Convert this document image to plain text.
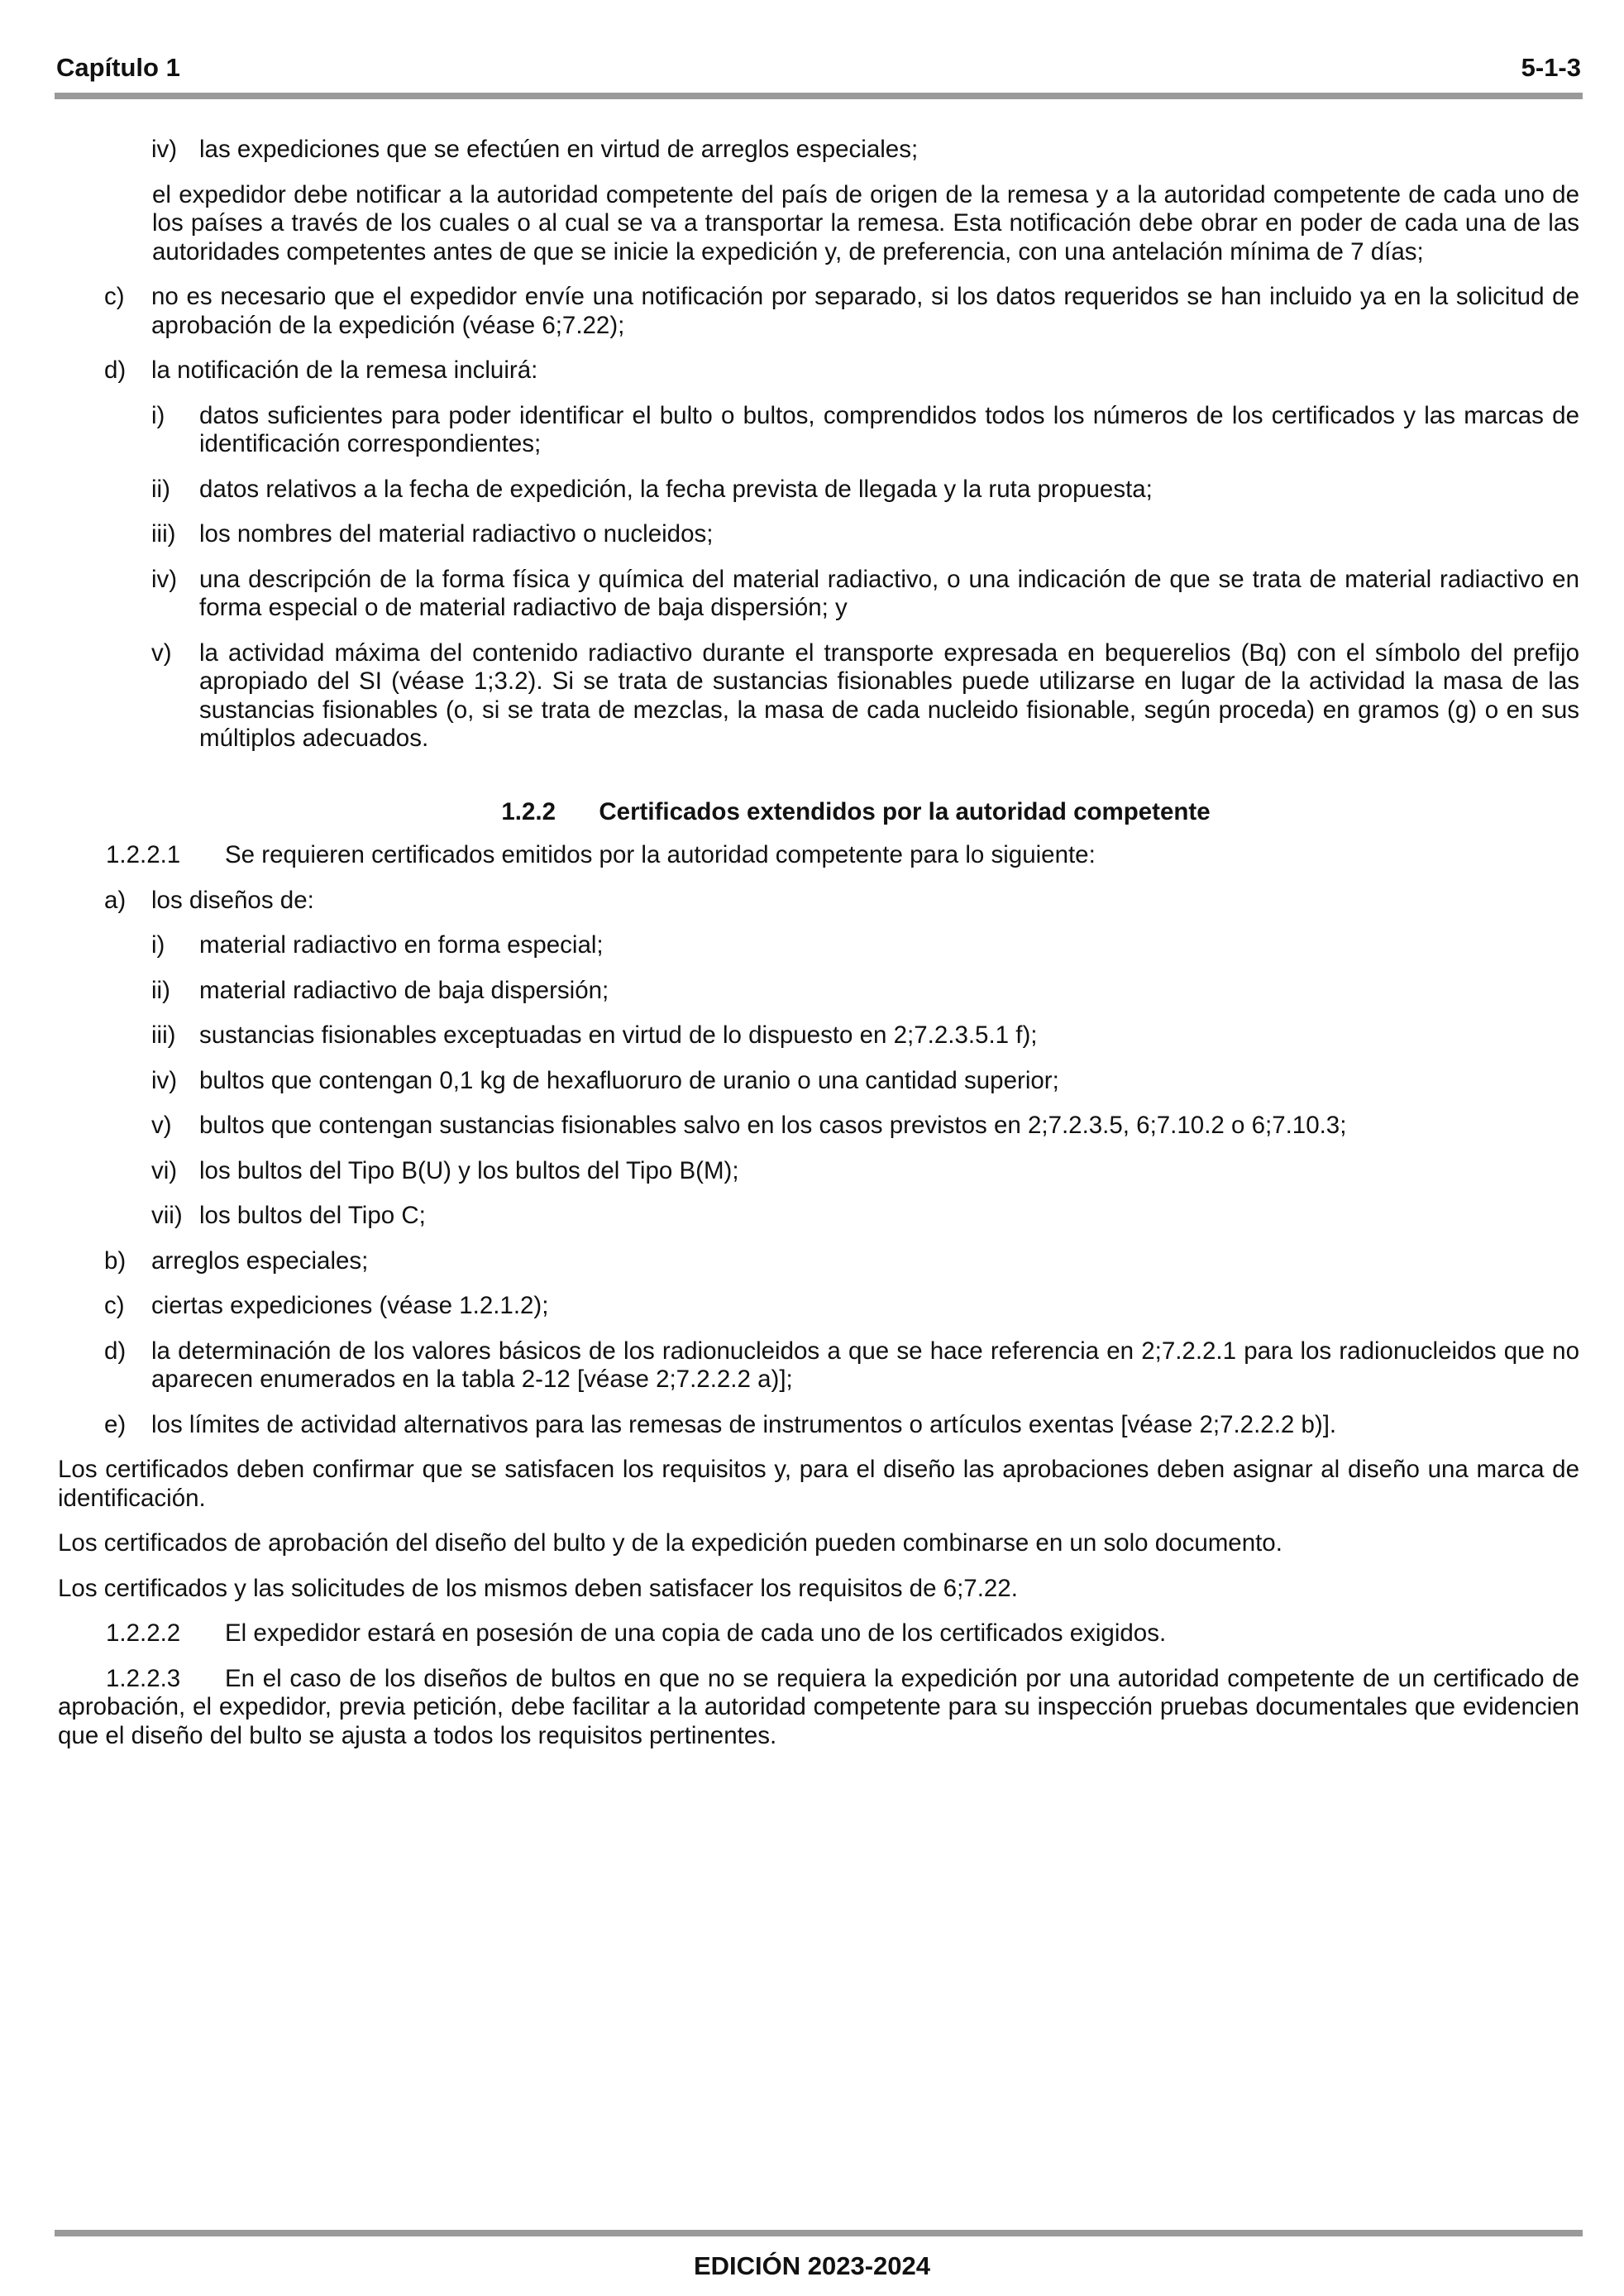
Capítulo 1	5-1-3
iv) las expediciones que se efectúen en virtud de arreglos especiales;
el expedidor debe notificar a la autoridad competente del país de origen de la remesa y a la autoridad competente de cada uno de los países a través de los cuales o al cual se va a transportar la remesa. Esta notificación debe obrar en poder de cada una de las autoridades competentes antes de que se inicie la expedición y, de preferencia, con una antelación mínima de 7 días;
c)	no es necesario que el expedidor envíe una notificación por separado, si los datos requeridos se han incluido ya en la solicitud de aprobación de la expedición (véase 6;7.22);
d)	la notificación de la remesa incluirá:
i)	datos suficientes para poder identificar el bulto o bultos, comprendidos todos los números de los certificados y las marcas de identificación correspondientes;
ii)	datos relativos a la fecha de expedición, la fecha prevista de llegada y la ruta propuesta;
iii) los nombres del material radiactivo o nucleidos;
iv) una descripción de la forma física y química del material radiactivo, o una indicación de que se trata de material radiactivo en forma especial o de material radiactivo de baja dispersión; y
v)	la actividad máxima del contenido radiactivo durante el transporte expresada en bequerelios (Bq) con el símbolo del prefijo apropiado del SI (véase 1;3.2). Si se trata de sustancias fisionables puede utilizarse en lugar de la actividad la masa de las sustancias fisionables (o, si se trata de mezclas, la masa de cada nucleido fisionable, según proceda) en gramos (g) o en sus múltiplos adecuados.
1.2.2 Certificados extendidos por la autoridad competente
1.2.2.1	Se requieren certificados emitidos por la autoridad competente para lo siguiente:
a)	los diseños de:
i)	material radiactivo en forma especial;
ii)	material radiactivo de baja dispersión;
iii) sustancias fisionables exceptuadas en virtud de lo dispuesto en 2;7.2.3.5.1 f);
iv) bultos que contengan 0,1 kg de hexafluoruro de uranio o una cantidad superior;
v)	bultos que contengan sustancias fisionables salvo en los casos previstos en 2;7.2.3.5, 6;7.10.2 o 6;7.10.3;
vi) los bultos del Tipo B(U) y los bultos del Tipo B(M);
vii) los bultos del Tipo C;
b)	arreglos especiales;
c)	ciertas expediciones (véase 1.2.1.2);
d)	la determinación de los valores básicos de los radionucleidos a que se hace referencia en 2;7.2.2.1 para los radionucleidos que no aparecen enumerados en la tabla 2-12 [véase 2;7.2.2.2 a)];
e)	los límites de actividad alternativos para las remesas de instrumentos o artículos exentas [véase 2;7.2.2.2 b)].
Los certificados deben confirmar que se satisfacen los requisitos y, para el diseño las aprobaciones deben asignar al diseño una marca de identificación.
Los certificados de aprobación del diseño del bulto y de la expedición pueden combinarse en un solo documento.
Los certificados y las solicitudes de los mismos deben satisfacer los requisitos de 6;7.22.
1.2.2.2	El expedidor estará en posesión de una copia de cada uno de los certificados exigidos.
1.2.2.3 En el caso de los diseños de bultos en que no se requiera la expedición por una autoridad competente de un certificado de aprobación, el expedidor, previa petición, debe facilitar a la autoridad competente para su inspección pruebas documentales que evidencien que el diseño del bulto se ajusta a todos los requisitos pertinentes.
EDICIÓN 2023-2024
